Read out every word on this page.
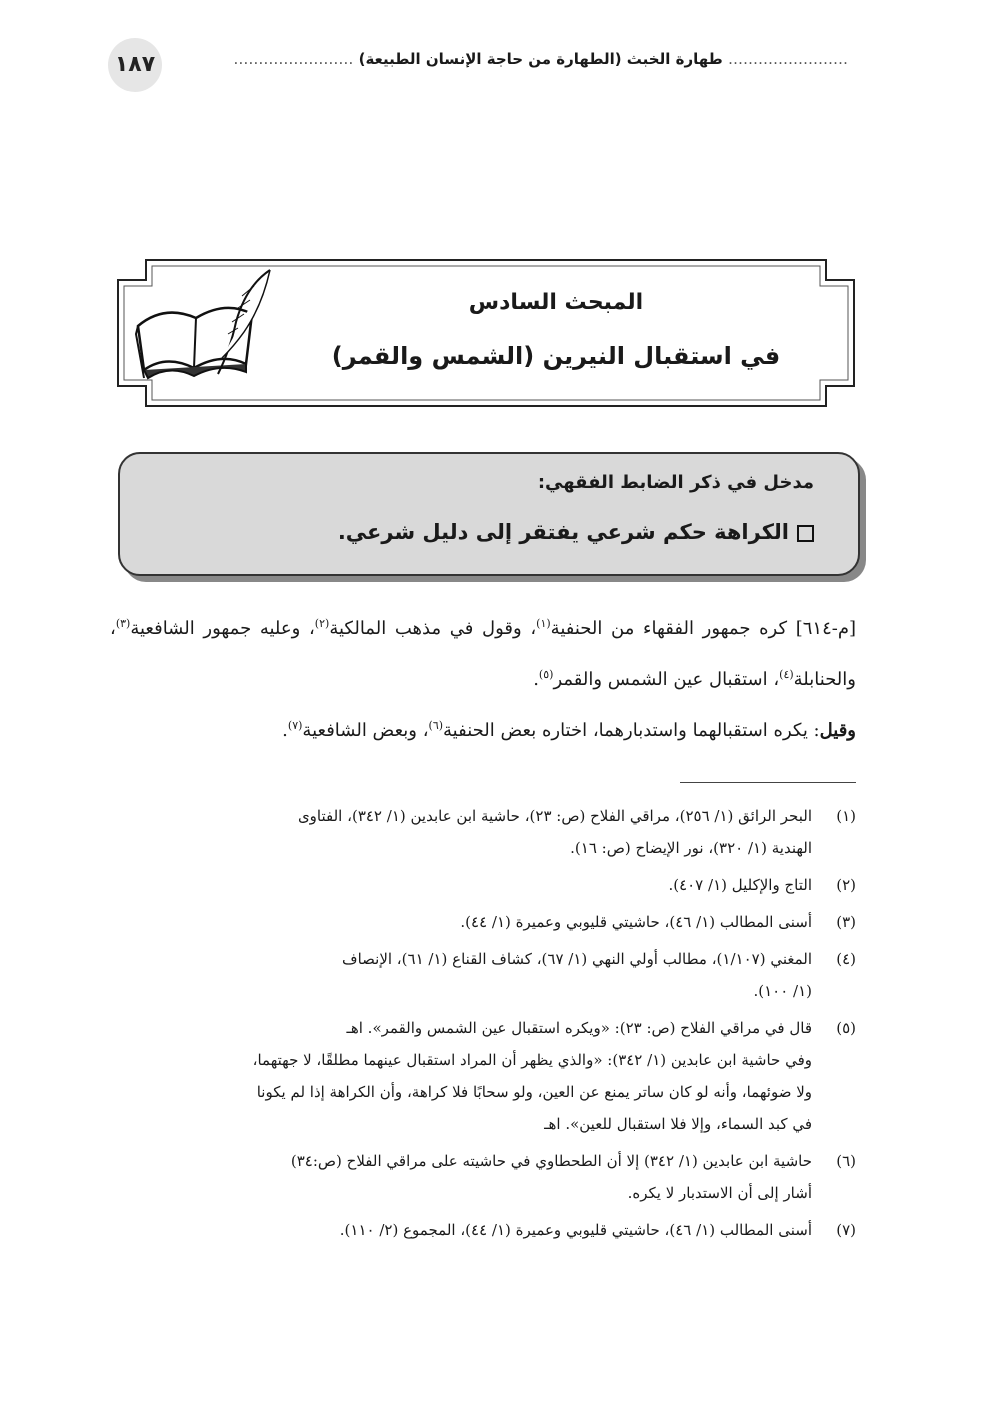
١٨٧	…………………… طهارة الخبث (الطهارة من حاجة الإنسان الطبيعة) ……………………
المبحث السادس
في استقبال النيرين (الشمس والقمر)
مدخل في ذكر الضابط الفقهي:
الكراهة حكم شرعي يفتقر إلى دليل شرعي.

[م-٦١٤] كره جمهور الفقهاء من الحنفية$^{(١)}$، وقول في مذهب المالكية$^{(٢)}$، وعليه جمهور الشافعية$^{(٣)}$، والحنابلة$^{(٤)}$، استقبال عين الشمس والقمر$^{(٥)}$.

وقيل: يكره استقبالهما واستدبارهما، اختاره بعض الحنفية$^{(٦)}$، وبعض الشافعية$^{(٧)}$.

(١)
البحر الرائق (١/ ٢٥٦)، مراقي الفلاح (ص: ٢٣)، حاشية ابن عابدين (١/ ٣٤٢)، الفتاوى
الهندية (١/ ٣٢٠)، نور الإيضاح (ص: ١٦).
(٢)
التاج والإكليل (١/ ٤٠٧).
(٣)
أسنى المطالب (١/ ٤٦)، حاشيتي قليوبي وعميرة (١/ ٤٤).
(٤)
المغني (١/١٠٧)، مطالب أولي النهي (١/ ٦٧)، كشاف القناع (١/ ٦١)، الإنصاف
(١/ ١٠٠).
(٥)
قال في مراقي الفلاح (ص: ٢٣): «ويكره استقبال عين الشمس والقمر». اهـ
وفي حاشية ابن عابدين (١/ ٣٤٢): «والذي يظهر أن المراد استقبال عينهما مطلقًا، لا جهتهما،
ولا ضوئهما، وأنه لو كان ساتر يمنع عن العين، ولو سحابًا فلا كراهة، وأن الكراهة إذا لم يكونا
في كبد السماء، وإلا فلا استقبال للعين». اهـ
(٦)
حاشية ابن عابدين (١/ ٣٤٢) إلا أن الطحطاوي في حاشيته على مراقي الفلاح (ص:٣٤)
أشار إلى أن الاستدبار لا يكره.
(٧)
أسنى المطالب (١/ ٤٦)، حاشيتي قليوبي وعميرة (١/ ٤٤)، المجموع (٢/ ١١٠).
